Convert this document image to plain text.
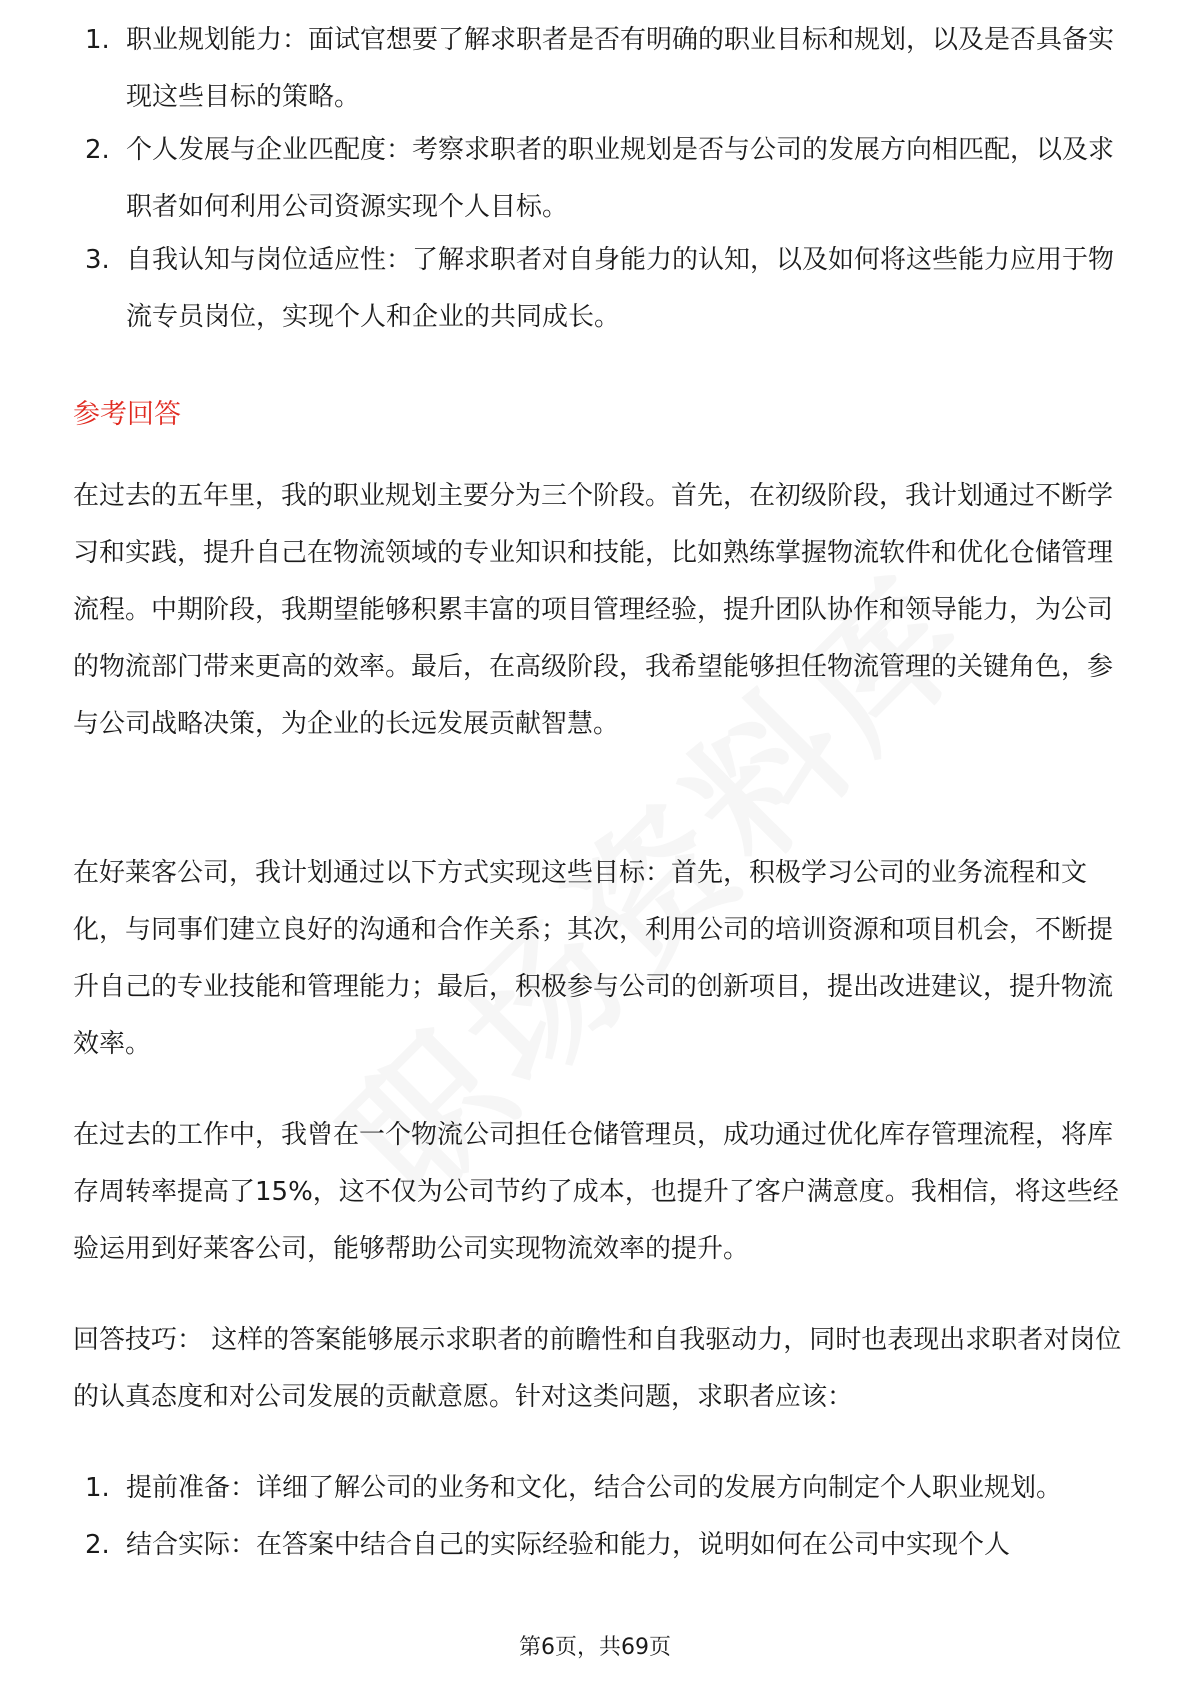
1. 职业规划能力：面试官想要了解求职者是否有明确的职业目标和规划，以及是否具备实现这些目标的策略。
2. 个人发展与企业匹配度：考察求职者的职业规划是否与公司的发展方向相匹配，以及求职者如何利用公司资源实现个人目标。
3. 自我认知与岗位适应性：了解求职者对自身能力的认知，以及如何将这些能力应用于物流专员岗位，实现个人和企业的共同成长。
参考回答

在过去的五年里，我的职业规划主要分为三个阶段。首先，在初级阶段，我计划通过不断学习和实践，提升自己在物流领域的专业知识和技能，比如熟练掌握物流软件和优化仓储管理流程。中期阶段，我期望能够积累丰富的项目管理经验，提升团队协作和领导能力，为公司的物流部门带来更高的效率。最后，在高级阶段，我希望能够担任物流管理的关键角色，参与公司战略决策，为企业的长远发展贡献智慧。

在好莱客公司，我计划通过以下方式实现这些目标：首先，积极学习公司的业务流程和文化，与同事们建立良好的沟通和合作关系；其次，利用公司的培训资源和项目机会，不断提升自己的专业技能和管理能力；最后，积极参与公司的创新项目，提出改进建议，提升物流效率。

在过去的工作中，我曾在一个物流公司担任仓储管理员，成功通过优化库存管理流程，将库存周转率提高了15%，这不仅为公司节约了成本，也提升了客户满意度。我相信，将这些经验运用到好莱客公司，能够帮助公司实现物流效率的提升。

回答技巧： 这样的答案能够展示求职者的前瞻性和自我驱动力，同时也表现出求职者对岗位的认真态度和对公司发展的贡献意愿。针对这类问题，求职者应该：

1. 提前准备：详细了解公司的业务和文化，结合公司的发展方向制定个人职业规划。
2. 结合实际：在答案中结合自己的实际经验和能力，说明如何在公司中实现个人
第6页，共69页
